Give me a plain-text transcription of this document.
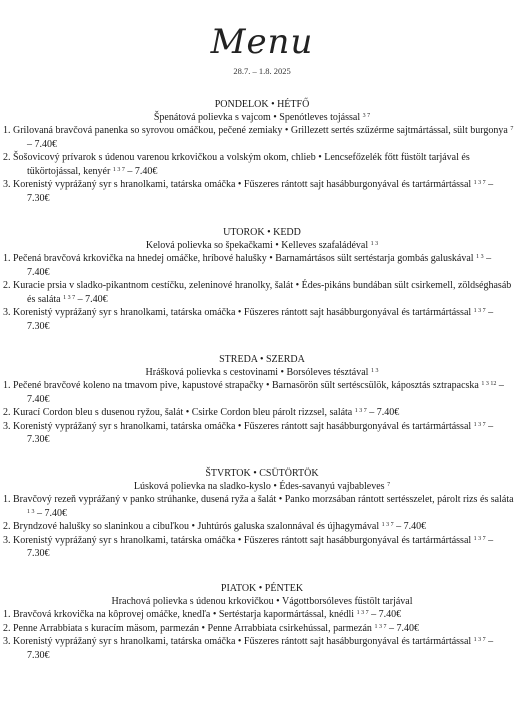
Menu
28.7. – 1.8. 2025
PONDELOK • HÉTFŐ
Špenátová polievka s vajcom • Spenótleves tojással $^{3 7}$
1. Grilovaná bravčová panenka so syrovou omáčkou, pečené zemiaky • Grillezett sertés szűzérme sajtmártással, sült burgonya $^7$ – 7.40€
2. Šošovicový prívarok s údenou varenou krkovičkou a volským okom, chlieb • Lencsefőzelék főtt füstölt tarjával és tükörtojással, kenyér $^{1 3 7}$ – 7.40€
3. Korenistý vyprážaný syr s hranolkami, tatárska omáčka • Fűszeres rántott sajt hasábburgonyával és tartármártással $^{1 3 7}$ – 7.30€
UTOROK • KEDD
Kelová polievka so špekačkami • Kelleves szafaládéval $^{1 3}$
1. Pečená bravčová krkovička na hnedej omáčke, hríbové halušky • Barnamártásos sült sertéstarja gombás galuskával $^{1 3}$ – 7.40€
2. Kuracie prsia v sladko-pikantnom cestíčku, zeleninové hranolky, šalát • Édes-pikáns bundában sült csirkemell, zöldséghasáb és saláta $^{1 3 7}$ – 7.40€
3. Korenistý vyprážaný syr s hranolkami, tatárska omáčka • Fűszeres rántott sajt hasábburgonyával és tartármártással $^{1 3 7}$ – 7.30€
STREDA • SZERDA
Hrášková polievka s cestovinami • Borsóleves tésztával $^{1 3}$
1. Pečené bravčové koleno na tmavom pive, kapustové strapačky • Barnasörön sült sertéscsülök, káposztás sztrapacska $^{1 3 12}$ – 7.40€
2. Kurací Cordon bleu s dusenou ryžou, šalát • Csirke Cordon bleu párolt rizzsel, saláta $^{1 3 7}$ – 7.40€
3. Korenistý vyprážaný syr s hranolkami, tatárska omáčka • Fűszeres rántott sajt hasábburgonyával és tartármártással $^{1 3 7}$ – 7.30€
ŠTVRTOK • CSÜTÖRTÖK
Lúsková polievka na sladko-kyslo • Édes-savanyú vajbableves $^7$
1. Bravčový rezeň vyprážaný v panko strúhanke, dusená ryža a šalát • Panko morzsában rántott sertésszelet, párolt rizs és saláta $^{1 3}$ – 7.40€
2. Bryndzové halušky so slaninkou a cibuľkou • Juhtúrós galuska szalonnával és újhagymával $^{1 3 7}$ – 7.40€
3. Korenistý vyprážaný syr s hranolkami, tatárska omáčka • Fűszeres rántott sajt hasábburgonyával és tartármártással $^{1 3 7}$ – 7.30€
PIATOK • PÉNTEK
Hrachová polievka s údenou krkovičkou • Vágottborsóleves füstölt tarjával
1. Bravčová krkovička na kôprovej omáčke, knedľa • Sertéstarja kapormártással, knédli $^{1 3 7}$ – 7.40€
2. Penne Arrabbiata s kuracím mäsom, parmezán • Penne Arrabbiata csirkehússal, parmezán $^{1 3 7}$ – 7.40€
3. Korenistý vyprážaný syr s hranolkami, tatárska omáčka • Fűszeres rántott sajt hasábburgonyával és tartármártással $^{1 3 7}$ – 7.30€
